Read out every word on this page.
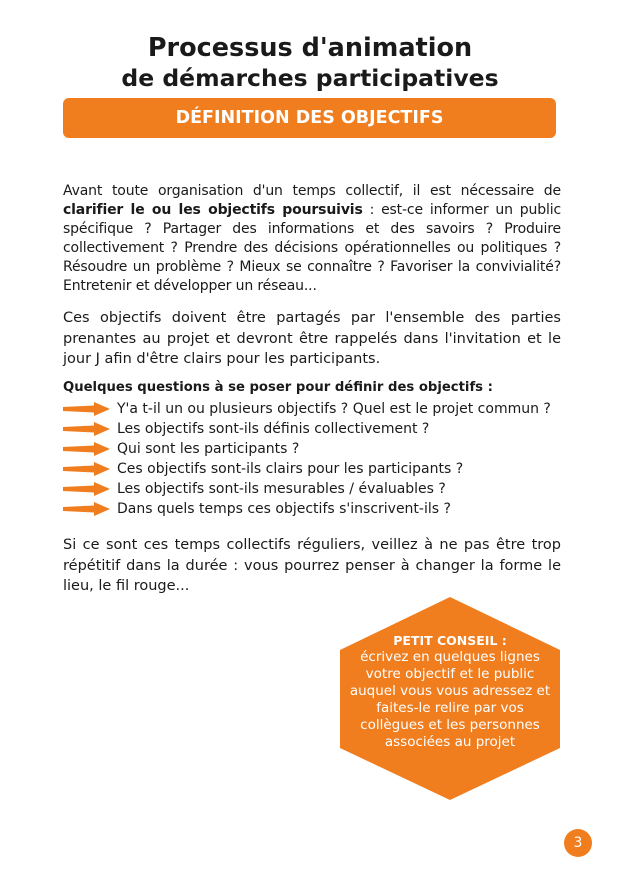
Processus d'animation
de démarches participatives
DÉFINITION DES OBJECTIFS

Avant toute organisation d'un temps collectif, il est nécessaire de clarifier le ou les objectifs poursuivis : est-ce informer un public spécifique ? Partager des informations et des savoirs ? Produire collectivement ? Prendre des décisions opérationnelles ou politiques ? Résoudre un problème ? Mieux se connaître ? Favoriser la convivialité? Entretenir et développer un réseau...

Ces objectifs doivent être partagés par l'ensemble des parties prenantes au projet et devront être rappelés dans l'invitation et le jour J afin d'être clairs pour les participants.

Quelques questions à se poser pour définir des objectifs :
Y'a t-il un ou plusieurs objectifs ? Quel est le projet commun ?
Les objectifs sont-ils définis collectivement ?
Qui sont les participants ?
Ces objectifs sont-ils clairs pour les participants ?
Les objectifs sont-ils mesurables / évaluables ?
Dans quels temps ces objectifs s'inscrivent-ils ?

Si ce sont ces temps collectifs réguliers, veillez à ne pas être trop répétitif dans la durée : vous pourrez penser à changer la forme le lieu, le fil rouge...

PETIT CONSEIL :
écrivez en quelques lignes
votre objectif et le public
auquel vous vous adressez et
faites-le relire par vos
collègues et les personnes
associées au projet
3
